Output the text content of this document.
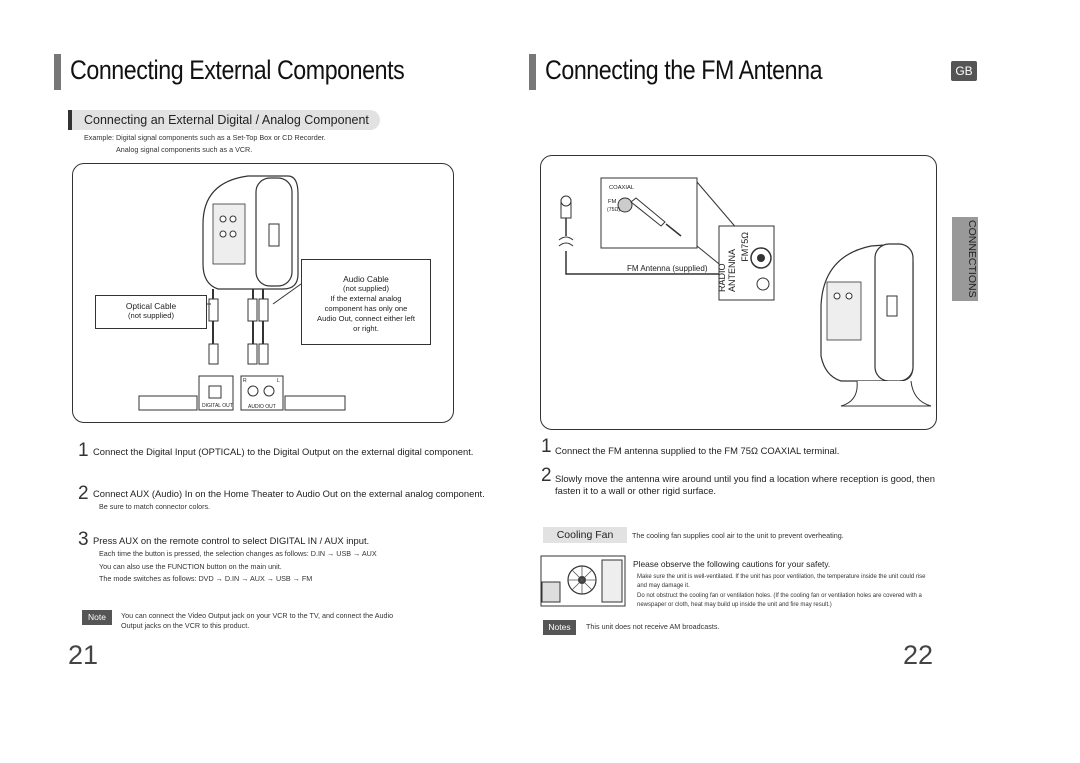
Connecting External Components
Connecting an External Digital / Analog Component
Example: Digital signal components such as a Set-Top Box or CD Recorder.
Analog signal components such as a VCR.
Optical Cable
(not supplied)
Audio Cable
(not supplied)
If the external analog
component has only one
Audio Out, connect either left
or right.
DIGITAL OUT	AUDIO OUT
R	L
1 Connect the Digital Input (OPTICAL) to the Digital Output on the external digital component.
2 Connect AUX (Audio) In on the Home Theater to Audio Out on the external analog component.
Be sure to match connector colors.
3 Press AUX on the remote control to select DIGITAL IN / AUX input.
Each time the button is pressed, the selection changes as follows: D.IN → USB → AUX
You can also use the FUNCTION button on the main unit.
The mode switches as follows: DVD → D.IN → AUX → USB → FM
Note	You can connect the Video Output jack on your VCR to the TV, and connect the Audio
Output jacks on the VCR to this product.
21
Connecting the FM Antenna	GB
CONNECTIONS
COAXIAL
FM
(75Ω)
FM Antenna (supplied) RADIO ANTENNA
FM75Ω
1 Connect the FM antenna supplied to the FM 75Ω COAXIAL terminal.
2 Slowly move the antenna wire around until you find a location where reception is good, then
fasten it to a wall or other rigid surface.
Cooling Fan	The cooling fan supplies cool air to the unit to prevent overheating.
Please observe the following cautions for your safety.
Make sure the unit is well-ventilated. If the unit has poor ventilation, the temperature inside the unit could rise
and may damage it.
Do not obstruct the cooling fan or ventilation holes. (If the cooling fan or ventilation holes are covered with a
newspaper or cloth, heat may build up inside the unit and fire may result.)
Notes	This unit does not receive AM broadcasts.
22
